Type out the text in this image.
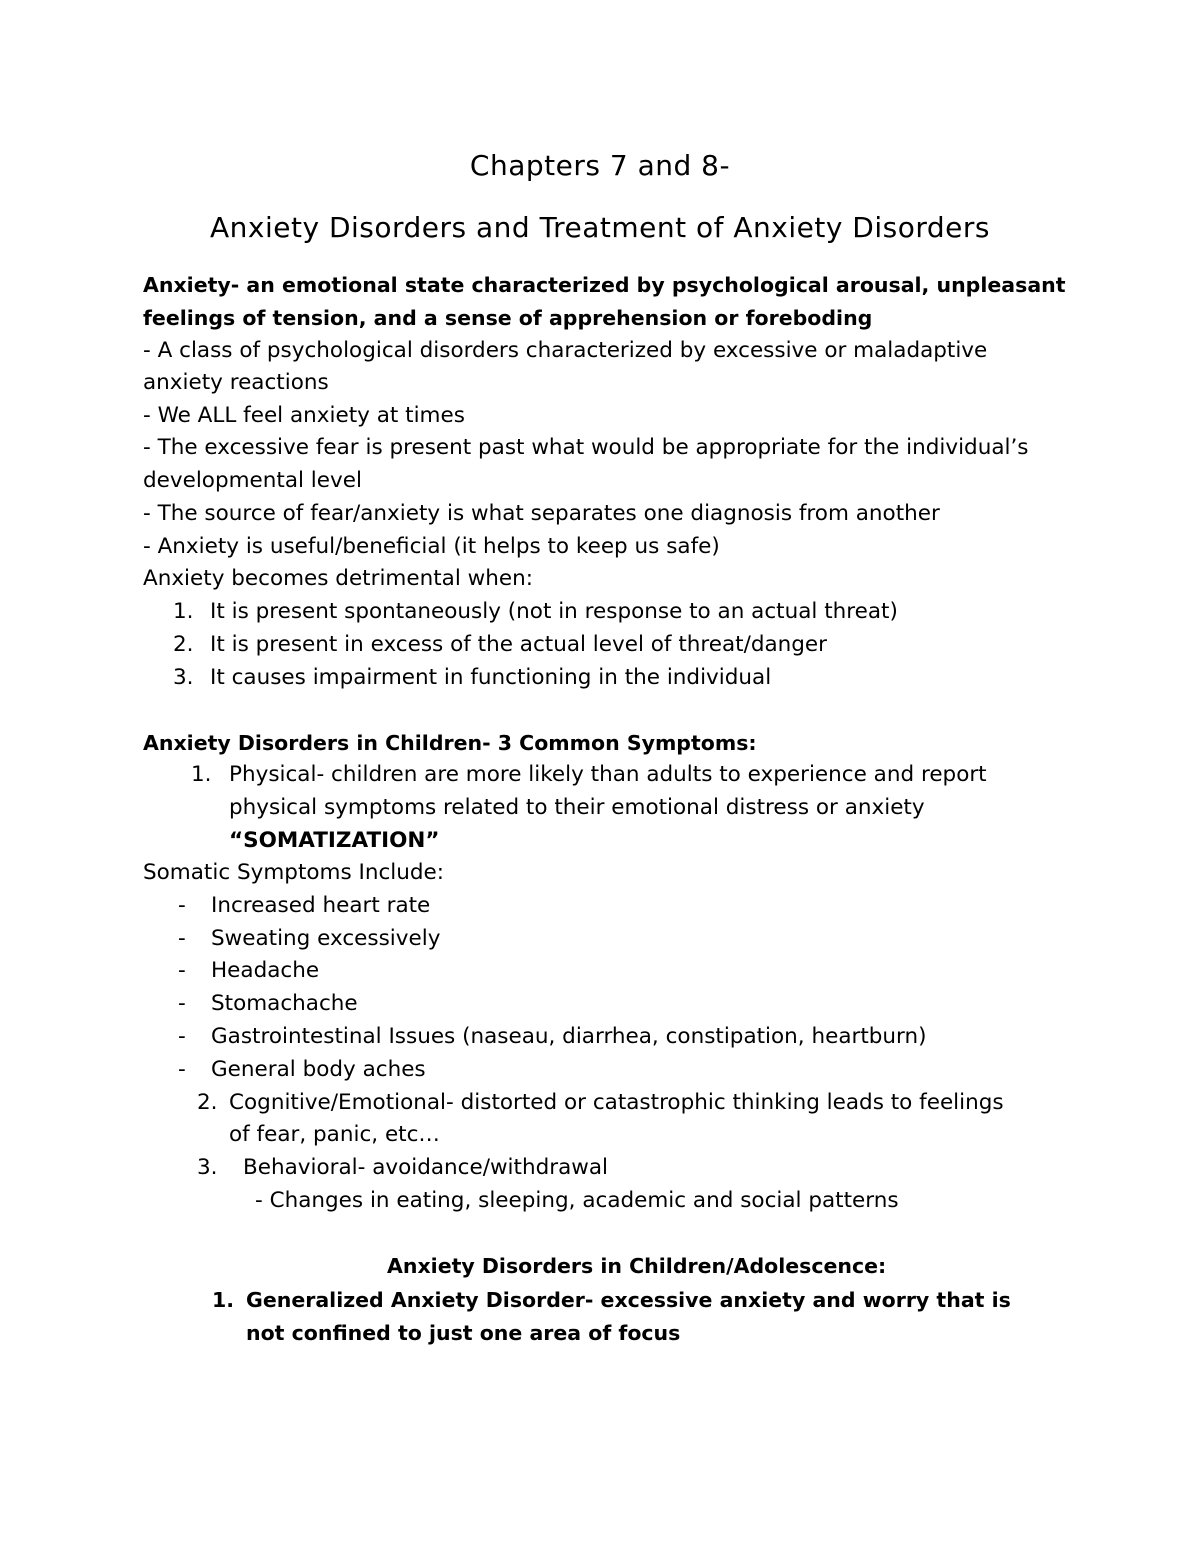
Chapters 7 and 8-
Anxiety Disorders and Treatment of Anxiety Disorders
Anxiety- an emotional state characterized by psychological arousal, unpleasant
feelings of tension, and a sense of apprehension or foreboding
- A class of psychological disorders characterized by excessive or maladaptive
anxiety reactions
- We ALL feel anxiety at times
- The excessive fear is present past what would be appropriate for the individual’s
developmental level
- The source of fear/anxiety is what separates one diagnosis from another
- Anxiety is useful/beneficial (it helps to keep us safe)
Anxiety becomes detrimental when:
1. It is present spontaneously (not in response to an actual threat)
2. It is present in excess of the actual level of threat/danger
3. It causes impairment in functioning in the individual
Anxiety Disorders in Children- 3 Common Symptoms:
1. Physical- children are more likely than adults to experience and report
physical symptoms related to their emotional distress or anxiety
“SOMATIZATION”
Somatic Symptoms Include:
- Increased heart rate
- Sweating excessively
- Headache
- Stomachache
- Gastrointestinal Issues (naseau, diarrhea, constipation, heartburn)
- General body aches
2. Cognitive/Emotional- distorted or catastrophic thinking leads to feelings
of fear, panic, etc…
3. Behavioral- avoidance/withdrawal
- Changes in eating, sleeping, academic and social patterns
Anxiety Disorders in Children/Adolescence:
1. Generalized Anxiety Disorder- excessive anxiety and worry that is
not confined to just one area of focus
